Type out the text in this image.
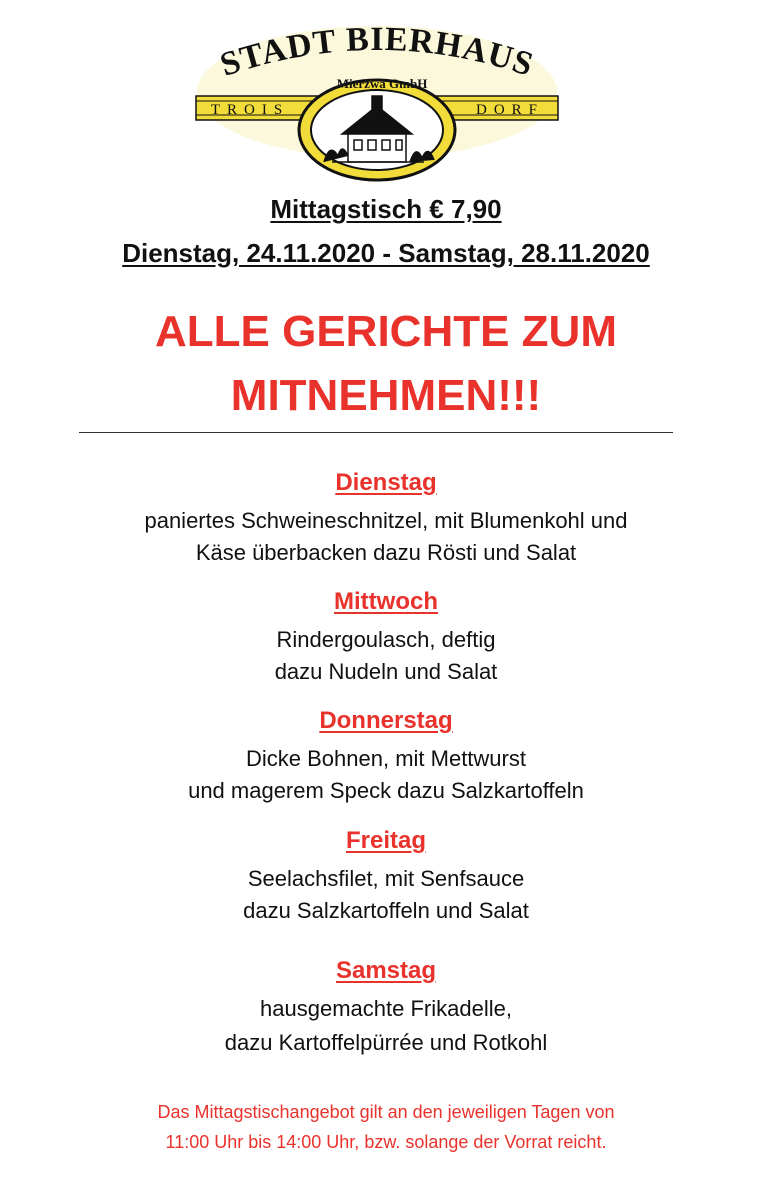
STADT BIERHAUS
Mierzwa GmbH
TROIS	DORF
Mittagstisch € 7,90
Dienstag, 24.11.2020 - Samstag, 28.11.2020
ALLE GERICHTE ZUM
MITNEHMEN!!!
Dienstag
paniertes Schweineschnitzel, mit Blumenkohl und
Käse überbacken dazu Rösti und Salat
Mittwoch
Rindergoulasch, deftig
dazu Nudeln und Salat
Donnerstag
Dicke Bohnen, mit Mettwurst
und magerem Speck dazu Salzkartoffeln
Freitag
Seelachsfilet, mit Senfsauce
dazu Salzkartoffeln und Salat
Samstag
hausgemachte Frikadelle,
dazu Kartoffelpürrée und Rotkohl
Das Mittagstischangebot gilt an den jeweiligen Tagen von
11:00 Uhr bis 14:00 Uhr, bzw. solange der Vorrat reicht.
